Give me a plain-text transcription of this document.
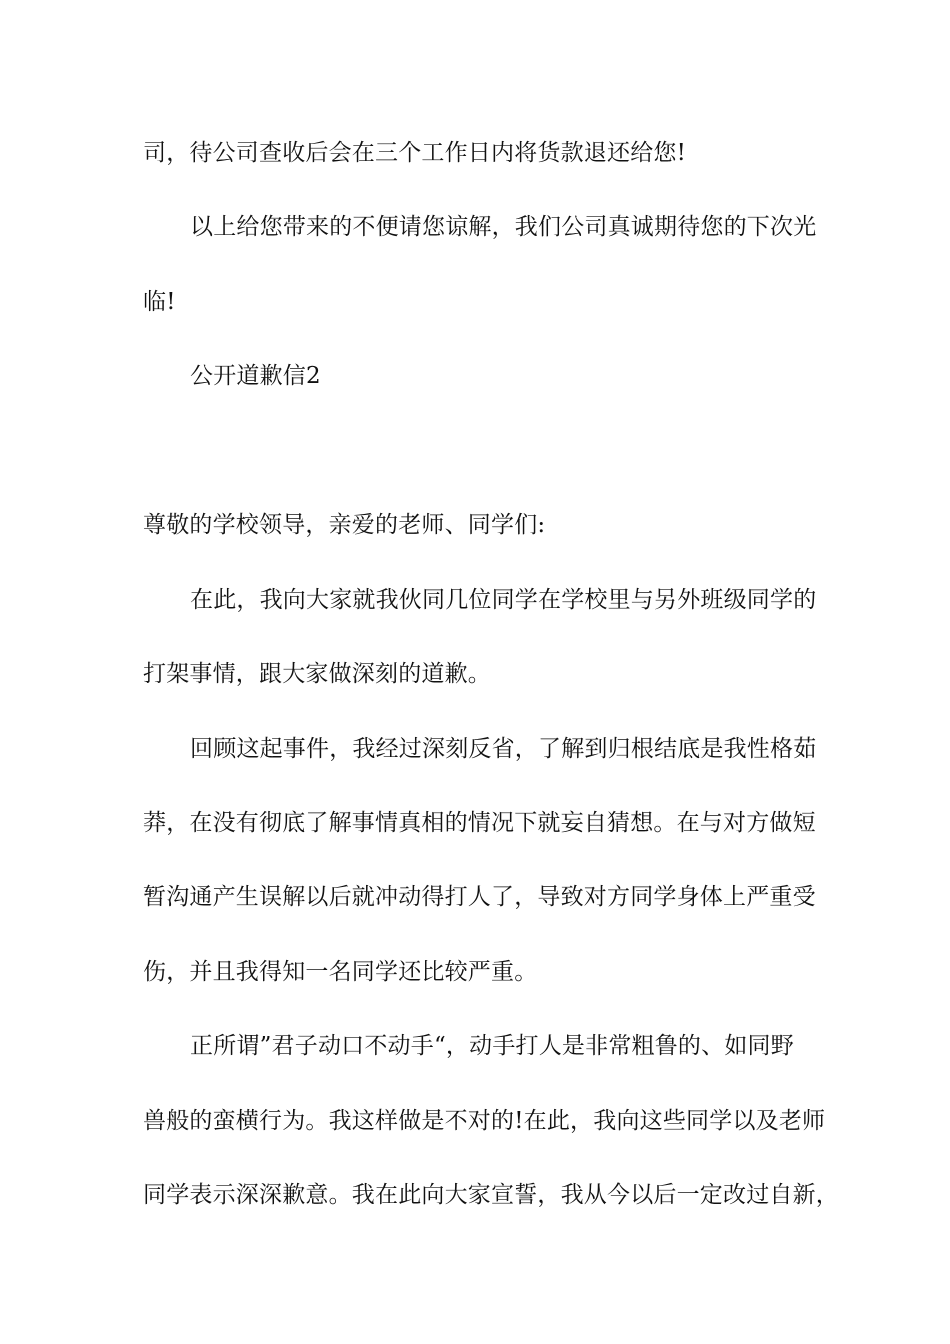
司，待公司查收后会在三个工作日内将货款退还给您!
以上给您带来的不便请您谅解，我们公司真诚期待您的下次光
临!
公开道歉信2
尊敬的学校领导，亲爱的老师、同学们:
在此，我向大家就我伙同几位同学在学校里与另外班级同学的
打架事情，跟大家做深刻的道歉。
回顾这起事件，我经过深刻反省，了解到归根结底是我性格茹
莽，在没有彻底了解事情真相的情况下就妄自猜想。在与对方做短
暂沟通产生误解以后就冲动得打人了，导致对方同学身体上严重受
伤，并且我得知一名同学还比较严重。
正所谓”君子动口不动手“，动手打人是非常粗鲁的、如同野
兽般的蛮横行为。我这样做是不对的!在此，我向这些同学以及老师
同学表示深深歉意。我在此向大家宣誓，我从今以后一定改过自新，
